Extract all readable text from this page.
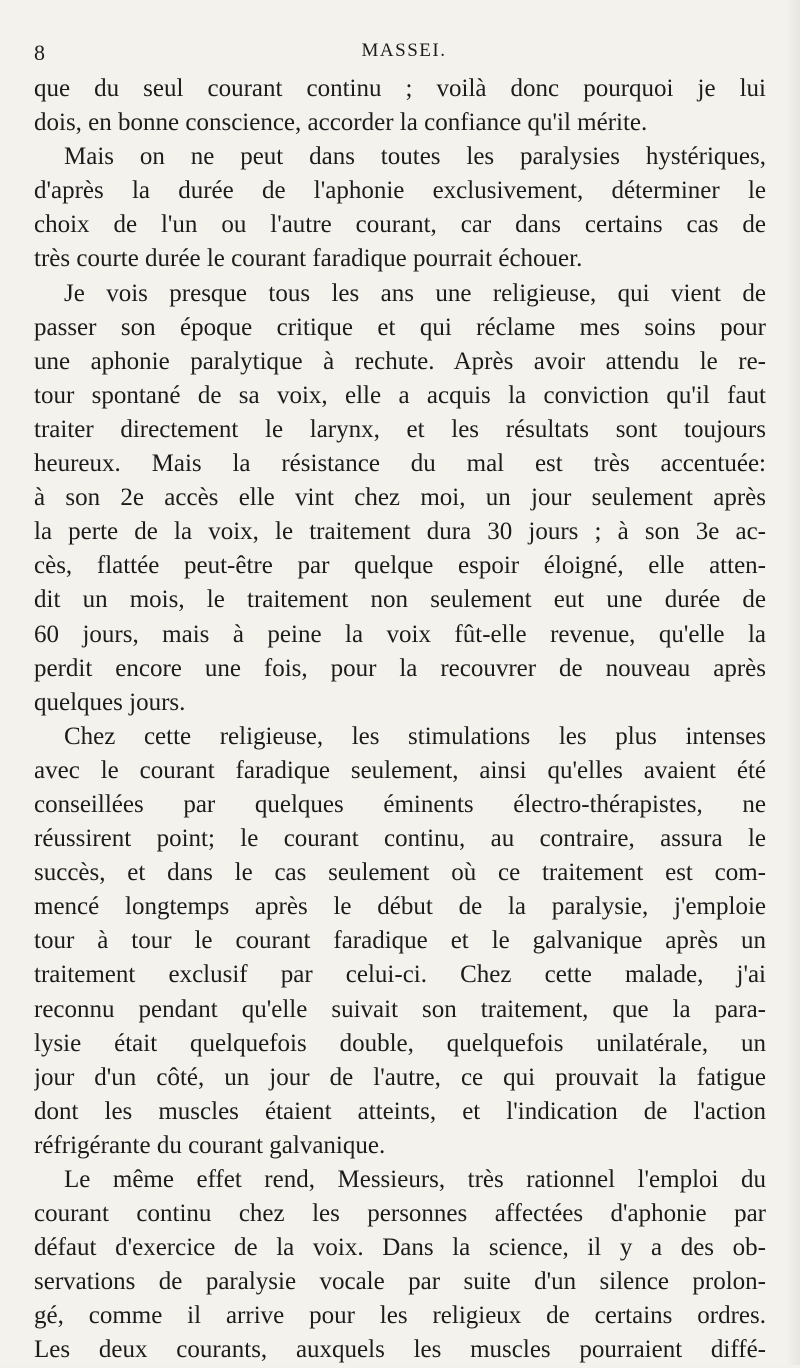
8	MASSEI.
que du seul courant continu ; voilà donc pourquoi je lui
dois, en bonne conscience, accorder la confiance qu'il mérite.
Mais on ne peut dans toutes les paralysies hystériques,
d'après la durée de l'aphonie exclusivement, déterminer le
choix de l'un ou l'autre courant, car dans certains cas de
très courte durée le courant faradique pourrait échouer.
Je vois presque tous les ans une religieuse, qui vient de
passer son époque critique et qui réclame mes soins pour
une aphonie paralytique à rechute. Après avoir attendu le re-
tour spontané de sa voix, elle a acquis la conviction qu'il faut
traiter directement le larynx, et les résultats sont toujours
heureux. Mais la résistance du mal est très accentuée:
à son 2e accès elle vint chez moi, un jour seulement après
la perte de la voix, le traitement dura 30 jours ; à son 3e ac-
cès, flattée peut-être par quelque espoir éloigné, elle atten-
dit un mois, le traitement non seulement eut une durée de
60 jours, mais à peine la voix fût-elle revenue, qu'elle la
perdit encore une fois, pour la recouvrer de nouveau après
quelques jours.
Chez cette religieuse, les stimulations les plus intenses
avec le courant faradique seulement, ainsi qu'elles avaient été
conseillées par quelques éminents électro-thérapistes, ne
réussirent point; le courant continu, au contraire, assura le
succès, et dans le cas seulement où ce traitement est com-
mencé longtemps après le début de la paralysie, j'emploie
tour à tour le courant faradique et le galvanique après un
traitement exclusif par celui-ci. Chez cette malade, j'ai
reconnu pendant qu'elle suivait son traitement, que la para-
lysie était quelquefois double, quelquefois unilatérale, un
jour d'un côté, un jour de l'autre, ce qui prouvait la fatigue
dont les muscles étaient atteints, et l'indication de l'action
réfrigérante du courant galvanique.
Le même effet rend, Messieurs, très rationnel l'emploi du
courant continu chez les personnes affectées d'aphonie par
défaut d'exercice de la voix. Dans la science, il y a des ob-
servations de paralysie vocale par suite d'un silence prolon-
gé, comme il arrive pour les religieux de certains ordres.
Les deux courants, auxquels les muscles pourraient diffé-
